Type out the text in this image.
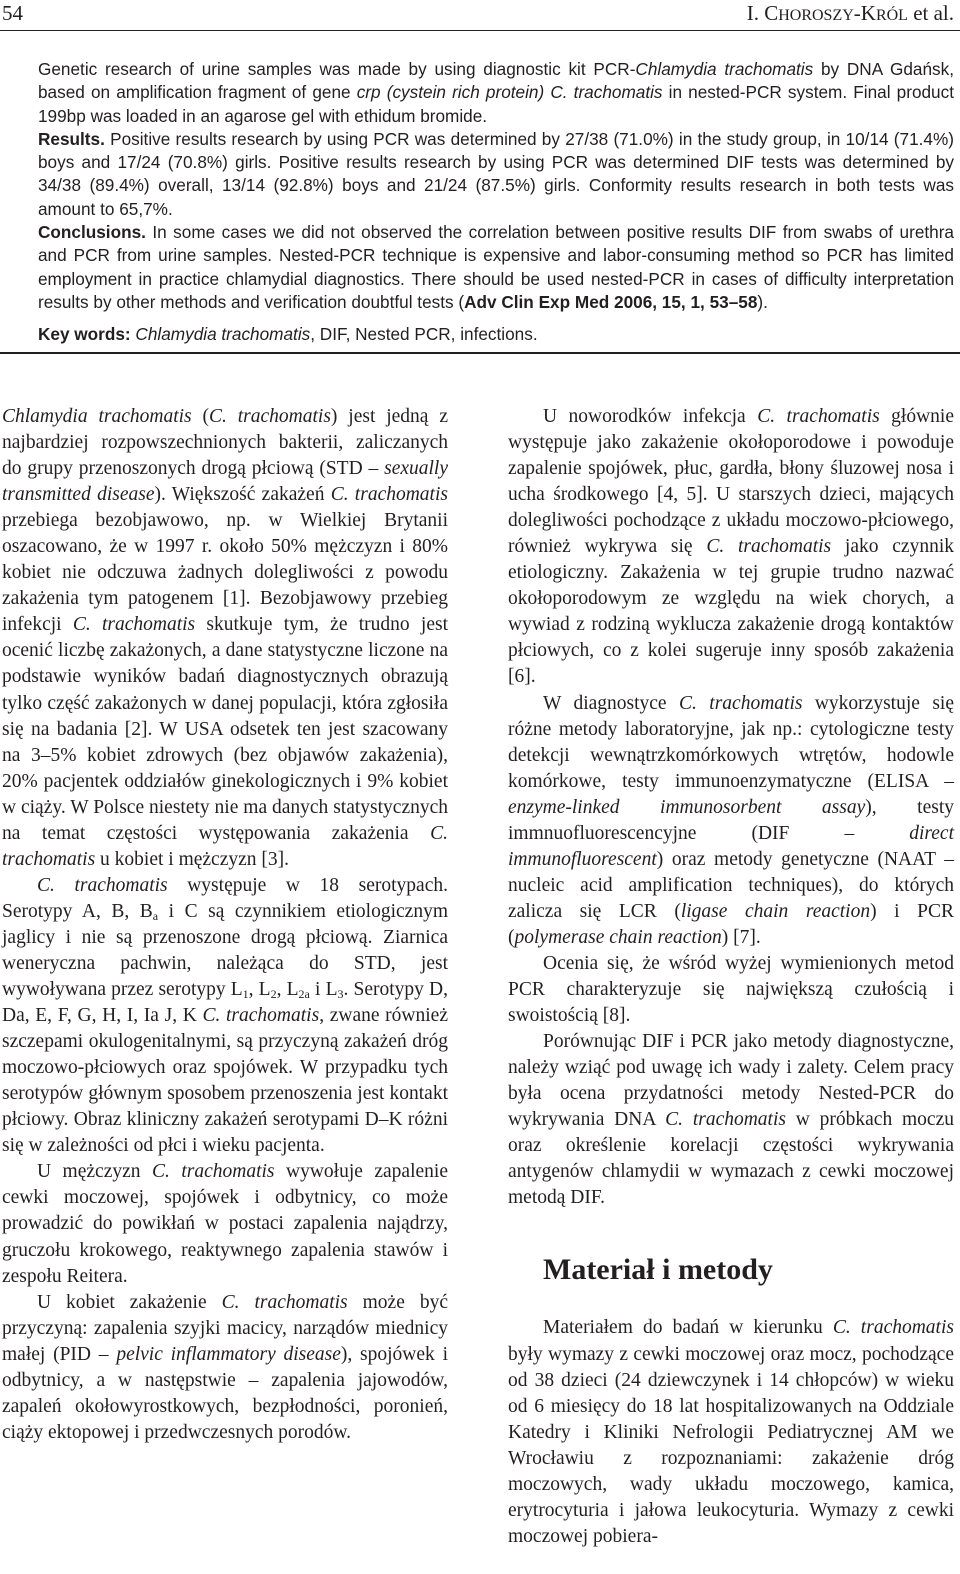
54	I. CHOROSZY-KRÓL et al.

Genetic research of urine samples was made by using diagnostic kit PCR-Chlamydia trachomatis by DNA Gdańsk, based on amplification fragment of gene crp (cystein rich protein) C. trachomatis in nested-PCR system. Final product 199bp was loaded in an agarose gel with ethidum bromide.

Results. Positive results research by using PCR was determined by 27/38 (71.0%) in the study group, in 10/14 (71.4%) boys and 17/24 (70.8%) girls. Positive results research by using PCR was determined DIF tests was determined by 34/38 (89.4%) overall, 13/14 (92.8%) boys and 21/24 (87.5%) girls. Conformity results research in both tests was amount to 65,7%.

Conclusions. In some cases we did not observed the correlation between positive results DIF from swabs of urethra and PCR from urine samples. Nested-PCR technique is expensive and labor-consuming method so PCR has limited employment in practice chlamydial diagnostics. There should be used nested-PCR in cases of difficulty interpretation results by other methods and verification doubtful tests (Adv Clin Exp Med 2006, 15, 1, 53–58).

Key words: Chlamydia trachomatis, DIF, Nested PCR, infections.

Chlamydia trachomatis (C. trachomatis) jest jedną z najbardziej rozpowszechnionych bakterii, zaliczanych do grupy przenoszonych drogą płciową (STD – sexually transmitted disease). Większość zakażeń C. trachomatis przebiega bezobjawowo, np. w Wielkiej Brytanii oszacowano, że w 1997 r. około 50% mężczyzn i 80% kobiet nie odczuwa żadnych dolegliwości z powodu zakażenia tym patogenem [1]. Bezobjawowy przebieg infekcji C. trachomatis skutkuje tym, że trudno jest ocenić liczbę zakażonych, a dane statystyczne liczone na podstawie wyników badań diagnostycznych obrazują tylko część zakażonych w danej populacji, która zgłosiła się na badania [2]. W USA odsetek ten jest szacowany na 3–5% kobiet zdrowych (bez objawów zakażenia), 20% pacjentek oddziałów ginekologicznych i 9% kobiet w ciąży. W Polsce niestety nie ma danych statystycznych na temat częstości występowania zakażenia C. trachomatis u kobiet i mężczyzn [3].

C. trachomatis występuje w 18 serotypach. Serotypy A, B, $B_a$ i C są czynnikiem etiologicznym jaglicy i nie są przenoszone drogą płciową. Ziarnica weneryczna pachwin, należąca do STD, jest wywoływana przez serotypy $L_1$, $L_2$, $L_{2a}$ i $L_3$. Serotypy D, Da, E, F, G, H, I, Ia J, K C. trachomatis, zwane również szczepami okulogenitalnymi, są przyczyną zakażeń dróg moczowo-płciowych oraz spojówek. W przypadku tych serotypów głównym sposobem przenoszenia jest kontakt płciowy. Obraz kliniczny zakażeń serotypami D–K różni się w zależności od płci i wieku pacjenta.

U mężczyzn C. trachomatis wywołuje zapalenie cewki moczowej, spojówek i odbytnicy, co może prowadzić do powikłań w postaci zapalenia najądrzy, gruczołu krokowego, reaktywnego zapalenia stawów i zespołu Reitera.

U kobiet zakażenie C. trachomatis może być przyczyną: zapalenia szyjki macicy, narządów miednicy małej (PID – pelvic inflammatory disease), spojówek i odbytnicy, a w następstwie – zapalenia jajowodów, zapaleń okołowyrostkowych, bezpłodności, poronień, ciąży ektopowej i przedwczesnych porodów.

U noworodków infekcja C. trachomatis głównie występuje jako zakażenie okołoporodowe i powoduje zapalenie spojówek, płuc, gardła, błony śluzowej nosa i ucha środkowego [4, 5]. U starszych dzieci, mających dolegliwości pochodzące z układu moczowo-płciowego, również wykrywa się C. trachomatis jako czynnik etiologiczny. Zakażenia w tej grupie trudno nazwać okołoporodowym ze względu na wiek chorych, a wywiad z rodziną wyklucza zakażenie drogą kontaktów płciowych, co z kolei sugeruje inny sposób zakażenia [6].

W diagnostyce C. trachomatis wykorzystuje się różne metody laboratoryjne, jak np.: cytologiczne testy detekcji wewnątrzkomórkowych wtrętów, hodowle komórkowe, testy immunoenzymatyczne (ELISA – enzyme-linked immunosorbent assay), testy immnuofluorescencyjne (DIF – direct immunofluorescent) oraz metody genetyczne (NAAT – nucleic acid amplification techniques), do których zalicza się LCR (ligase chain reaction) i PCR (polymerase chain reaction) [7].

Ocenia się, że wśród wyżej wymienionych metod PCR charakteryzuje się największą czułością i swoistością [8].

Porównując DIF i PCR jako metody diagnostyczne, należy wziąć pod uwagę ich wady i zalety. Celem pracy była ocena przydatności metody Nested-PCR do wykrywania DNA C. trachomatis w próbkach moczu oraz określenie korelacji częstości wykrywania antygenów chlamydii w wymazach z cewki moczowej metodą DIF.

Materiał i metody

Materiałem do badań w kierunku C. trachomatis były wymazy z cewki moczowej oraz mocz, pochodzące od 38 dzieci (24 dziewczynek i 14 chłopców) w wieku od 6 miesięcy do 18 lat hospitalizowanych na Oddziale Katedry i Kliniki Nefrologii Pediatrycznej AM we Wrocławiu z rozpoznaniami: zakażenie dróg moczowych, wady układu moczowego, kamica, erytrocyturia i jałowa leukocyturia. Wymazy z cewki moczowej pobiera-
